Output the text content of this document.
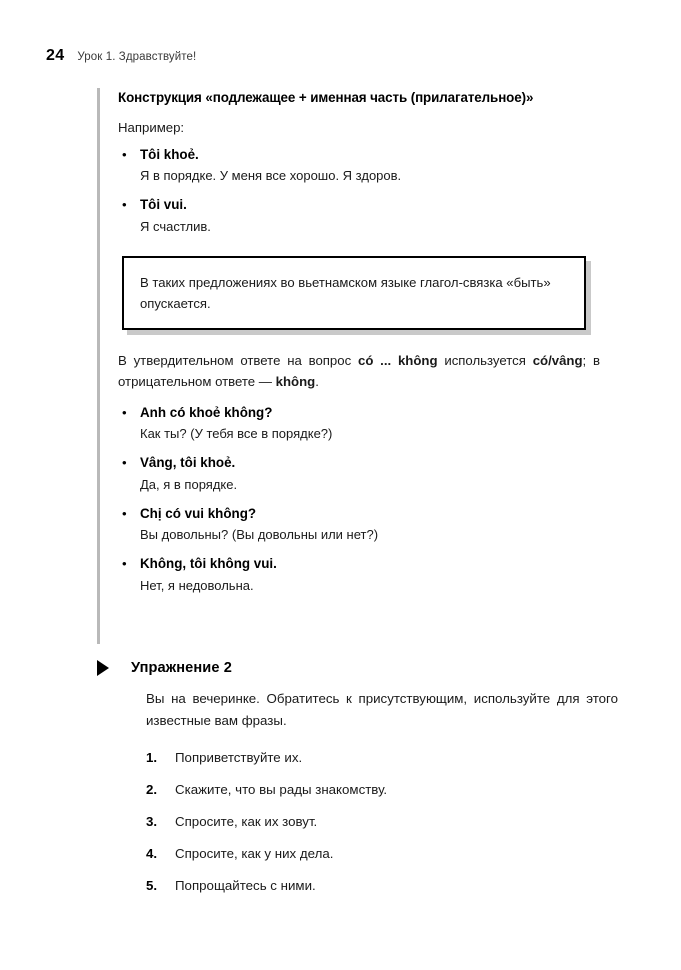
24 Урок 1. Здравствуйте!

Конструкция «подлежащее + именная часть (прилагательное)»

Например:

• Tôi khoẻ.
Я в порядке. У меня все хорошо. Я здоров.
• Tôi vui.
Я счастлив.
В таких предложениях во вьетнамском языке глагол-связка «быть» опускается.

В утвердительном ответе на вопрос có ... không используется có/vâng; в отрицательном ответе — không.

• Anh có khoẻ không?
Как ты? (У тебя все в порядке?)
• Vâng, tôi khoẻ.
Да, я в порядке.
• Chị có vui không?
Вы довольны? (Вы довольны или нет?)
• Không, tôi không vui.
Нет, я недовольна.
Упражнение 2
Вы на вечеринке. Обратитесь к присутствующим, используйте для этого известные вам фразы.
1. Поприветствуйте их.
2. Скажите, что вы рады знакомству.
3. Спросите, как их зовут.
4. Спросите, как у них дела.
5. Попрощайтесь с ними.
